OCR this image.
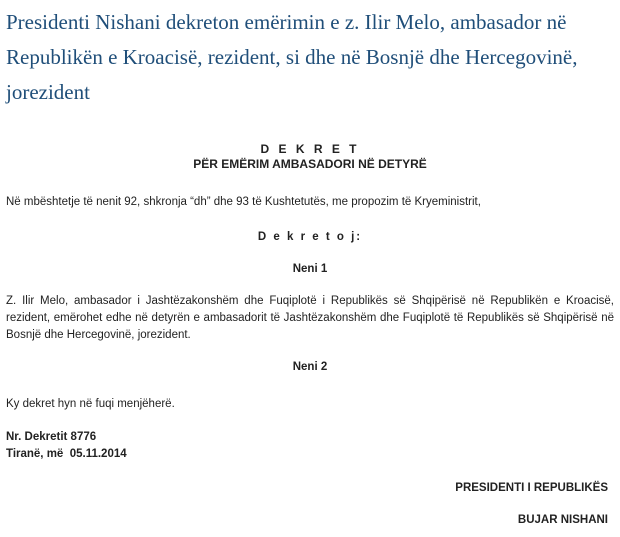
Presidenti Nishani dekreton emërimin e z. Ilir Melo, ambasador në Republikën e Kroacisë, rezident, si dhe në Bosnjë dhe Hercegovinë, jorezident

D E K R E T

PËR EMËRIM AMBASADORI NË DETYRË

Në mbështetje të nenit 92, shkronja “dh” dhe 93 të Kushtetutës, me propozim të Kryeministrit,

D e k r e t o j:

Neni 1

Z. Ilir Melo, ambasador i Jashtëzakonshëm dhe Fuqiplotë i Republikës së Shqipërisë në Republikën e Kroacisë, rezident, emërohet edhe në detyrën e ambasadorit të Jashtëzakonshëm dhe Fuqiplotë të Republikës së Shqipërisë në Bosnjë dhe Hercegovinë, jorezident.

Neni 2

Ky dekret hyn në fuqi menjëherë.

Nr. Dekretit 8776

Tiranë, më  05.11.2014

PRESIDENTI I REPUBLIKËS

BUJAR NISHANI
